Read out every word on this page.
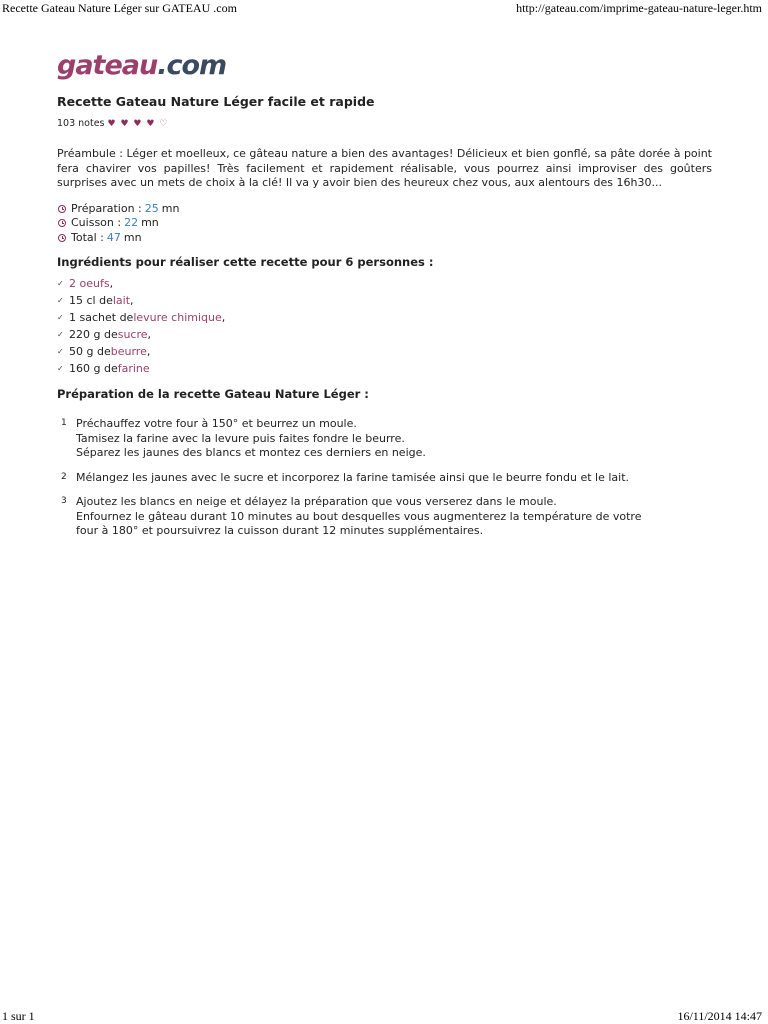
Recette Gateau Nature Léger sur GATEAU .com	http://gateau.com/imprime-gateau-nature-leger.htm
gateau.com
Recette Gateau Nature Léger facile et rapide
103 notes ♥ ♥ ♥ ♥ ♡

Préambule : Léger et moelleux, ce gâteau nature a bien des avantages! Délicieux et bien gonflé, sa pâte dorée à point fera chavirer vos papilles! Très facilement et rapidement réalisable, vous pourrez ainsi improviser des goûters surprises avec un mets de choix à la clé! Il va y avoir bien des heureux chez vous, aux alentours des 16h30...

Préparation : 25 mn
Cuisson : 22 mn
Total : 47 mn
Ingrédients pour réaliser cette recette pour 6 personnes :
✓ 2 oeufs ,
✓ 15 cl de lait ,
✓ 1 sachet de levure chimique ,
✓ 220 g de sucre ,
✓ 50 g de beurre ,
✓ 160 g de farine
Préparation de la recette Gateau Nature Léger :
1 Préchauffez votre four à 150° et beurrez un moule.
Tamisez la farine avec la levure puis faites fondre le beurre.
Séparez les jaunes des blancs et montez ces derniers en neige.
2 Mélangez les jaunes avec le sucre et incorporez la farine tamisée ainsi que le beurre fondu et le lait.
3 Ajoutez les blancs en neige et délayez la préparation que vous verserez dans le moule.
Enfournez le gâteau durant 10 minutes au bout desquelles vous augmenterez la température de votre
four à 180° et poursuivrez la cuisson durant 12 minutes supplémentaires.
1 sur 1	16/11/2014 14:47
